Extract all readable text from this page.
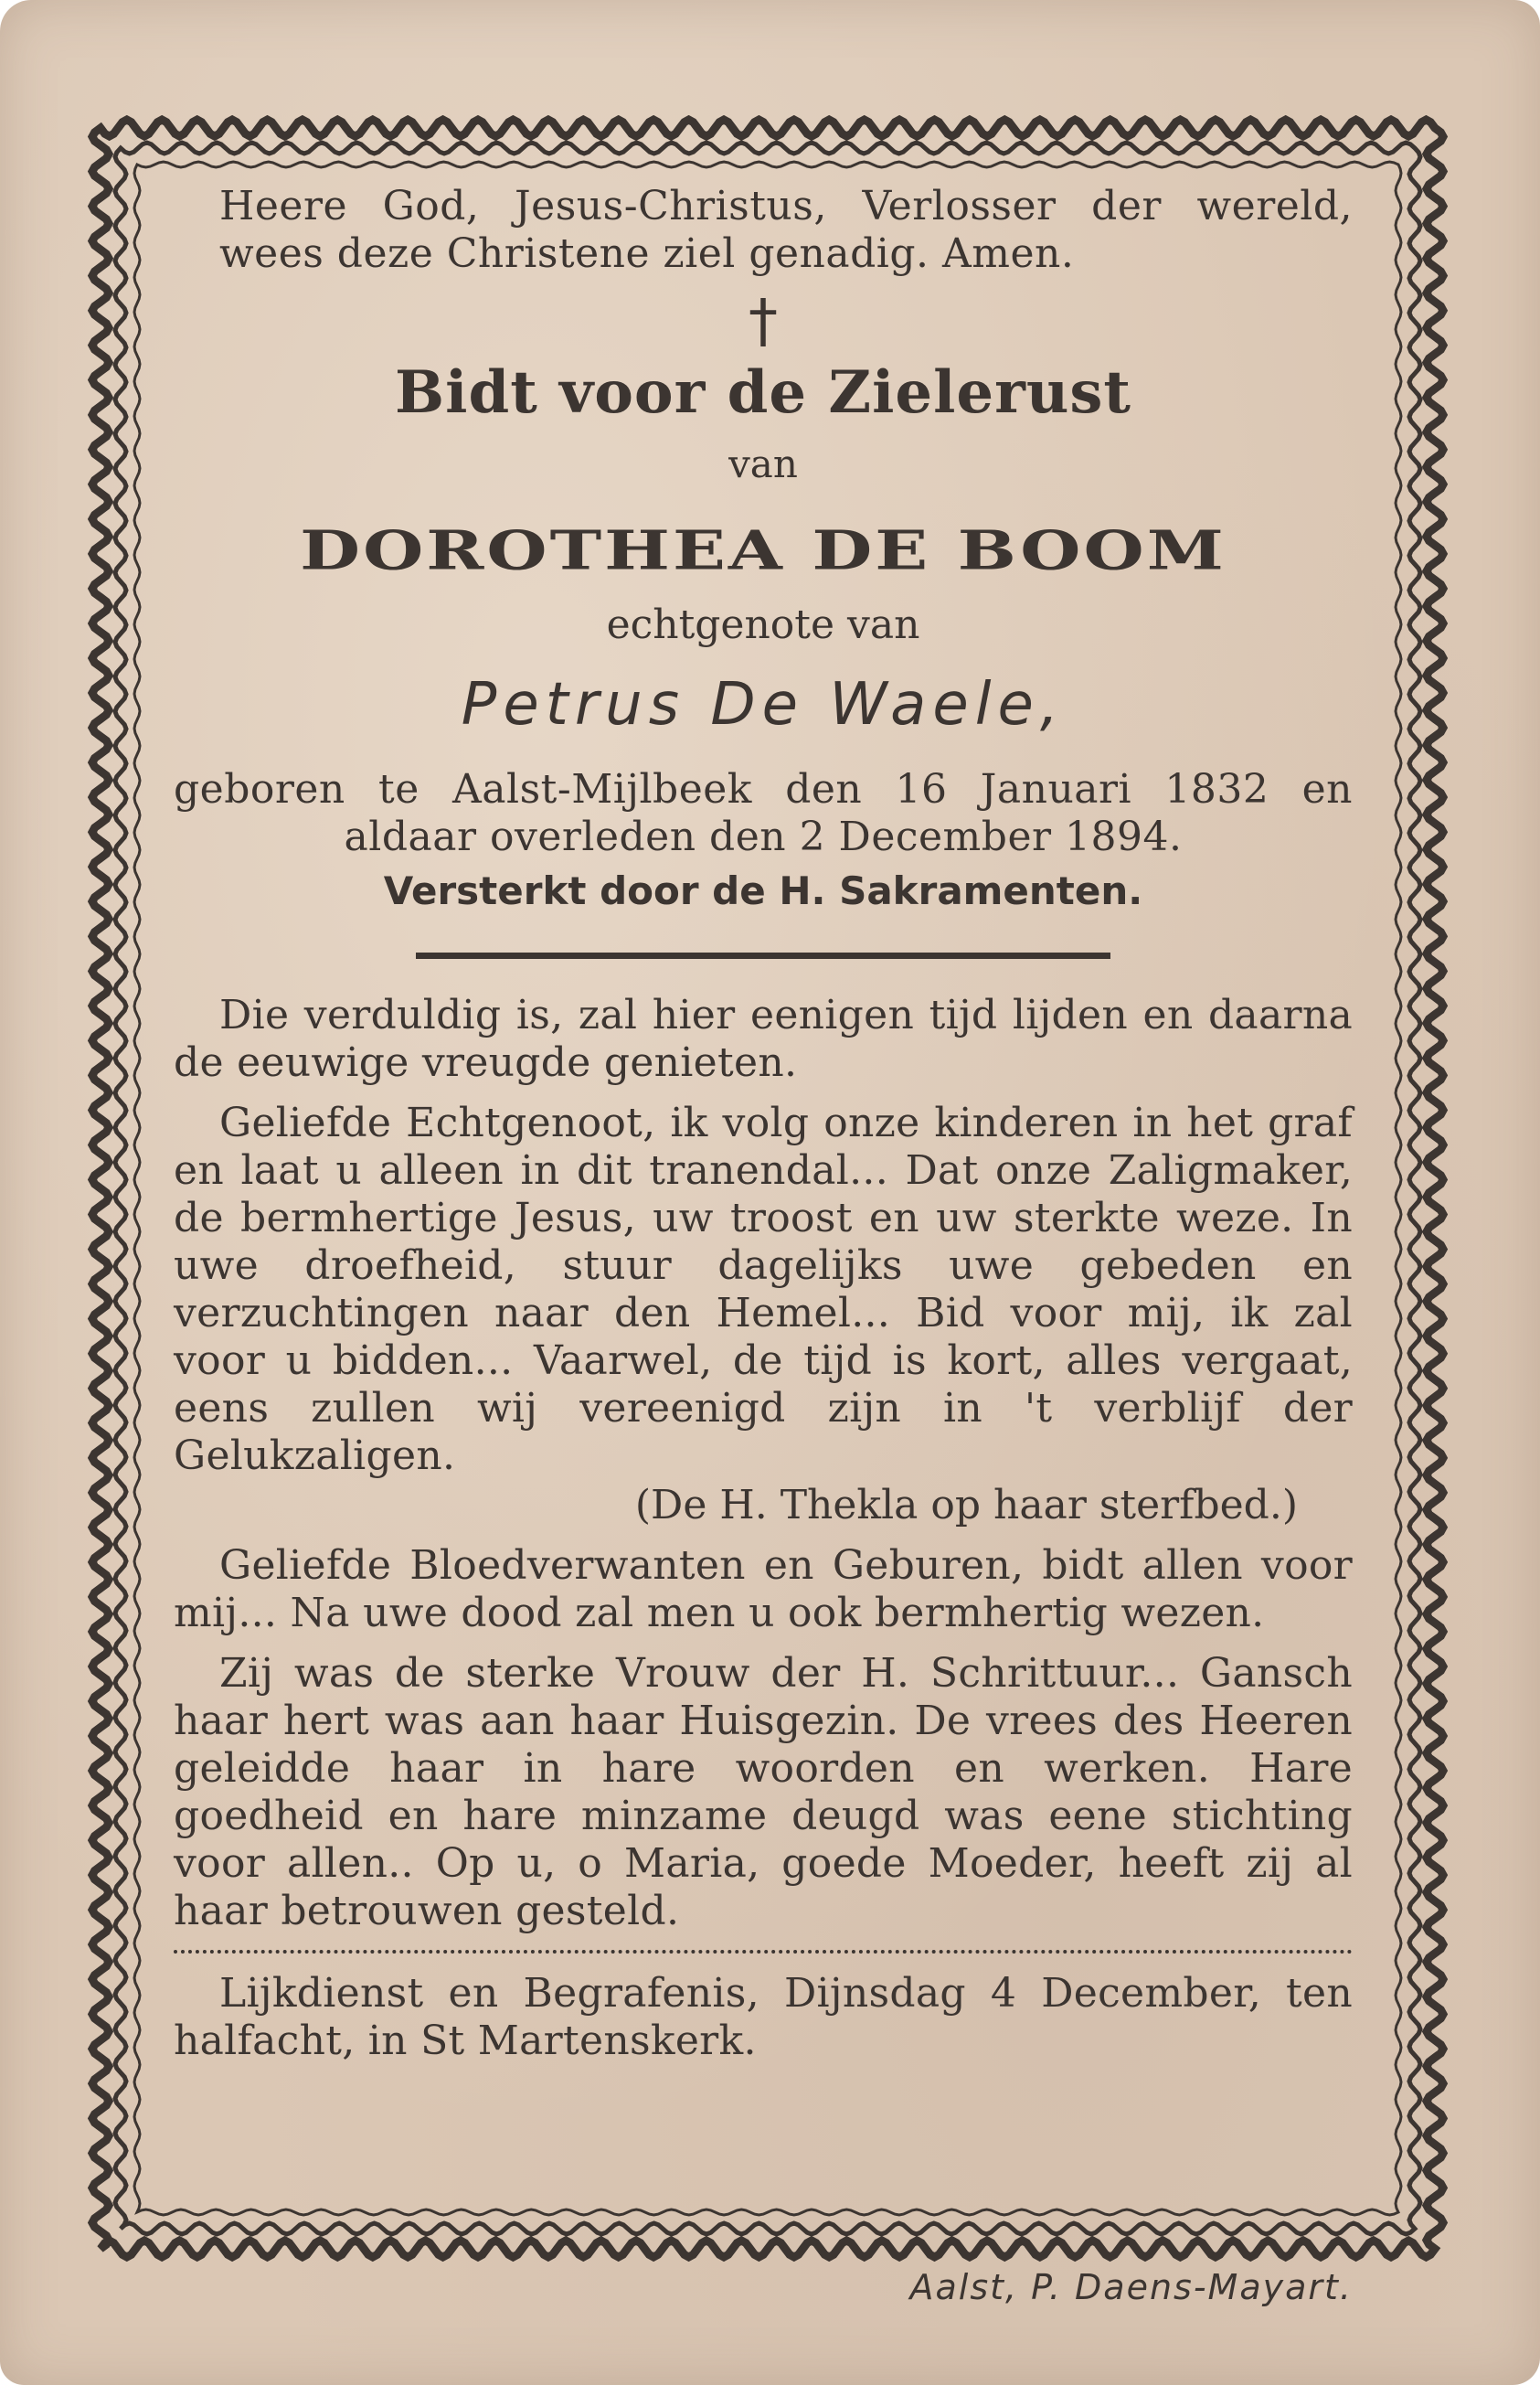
Heere God, Jesus-Christus, Verlosser der wereld, wees deze Christene ziel genadig. Amen.
†
Bidt voor de Zielerust
van
DOROTHEA DE BOOM
echtgenote van
Petrus De Waele,
geboren te Aalst-Mijlbeek den 16 Januari 1832 en aldaar overleden den 2 December 1894.
Versterkt door de H. Sakramenten.

Die verduldig is, zal hier eenigen tijd lijden en daarna de eeuwige vreugde genieten.

Geliefde Echtgenoot, ik volg onze kinderen in het graf en laat u alleen in dit tranendal... Dat onze Zaligmaker, de bermhertige Jesus, uw troost en uw sterkte weze. In uwe droefheid, stuur dagelijks uwe gebeden en verzuchtingen naar den Hemel... Bid voor mij, ik zal voor u bidden... Vaarwel, de tijd is kort, alles vergaat, eens zullen wij vereenigd zijn in 't verblijf der Gelukzaligen.

(De H. Thekla op haar sterfbed.)

Geliefde Bloedverwanten en Geburen, bidt allen voor mij... Na uwe dood zal men u ook bermhertig wezen.

Zij was de sterke Vrouw der H. Schrittuur... Gansch haar hert was aan haar Huisgezin. De vrees des Heeren geleidde haar in hare woorden en werken. Hare goedheid en hare minzame deugd was eene stichting voor allen.. Op u, o Maria, goede Moeder, heeft zij al haar betrouwen gesteld.

Lijkdienst en Begrafenis, Dijnsdag 4 December, ten halfacht, in St Martenskerk.

Aalst, P. Daens-Mayart.
